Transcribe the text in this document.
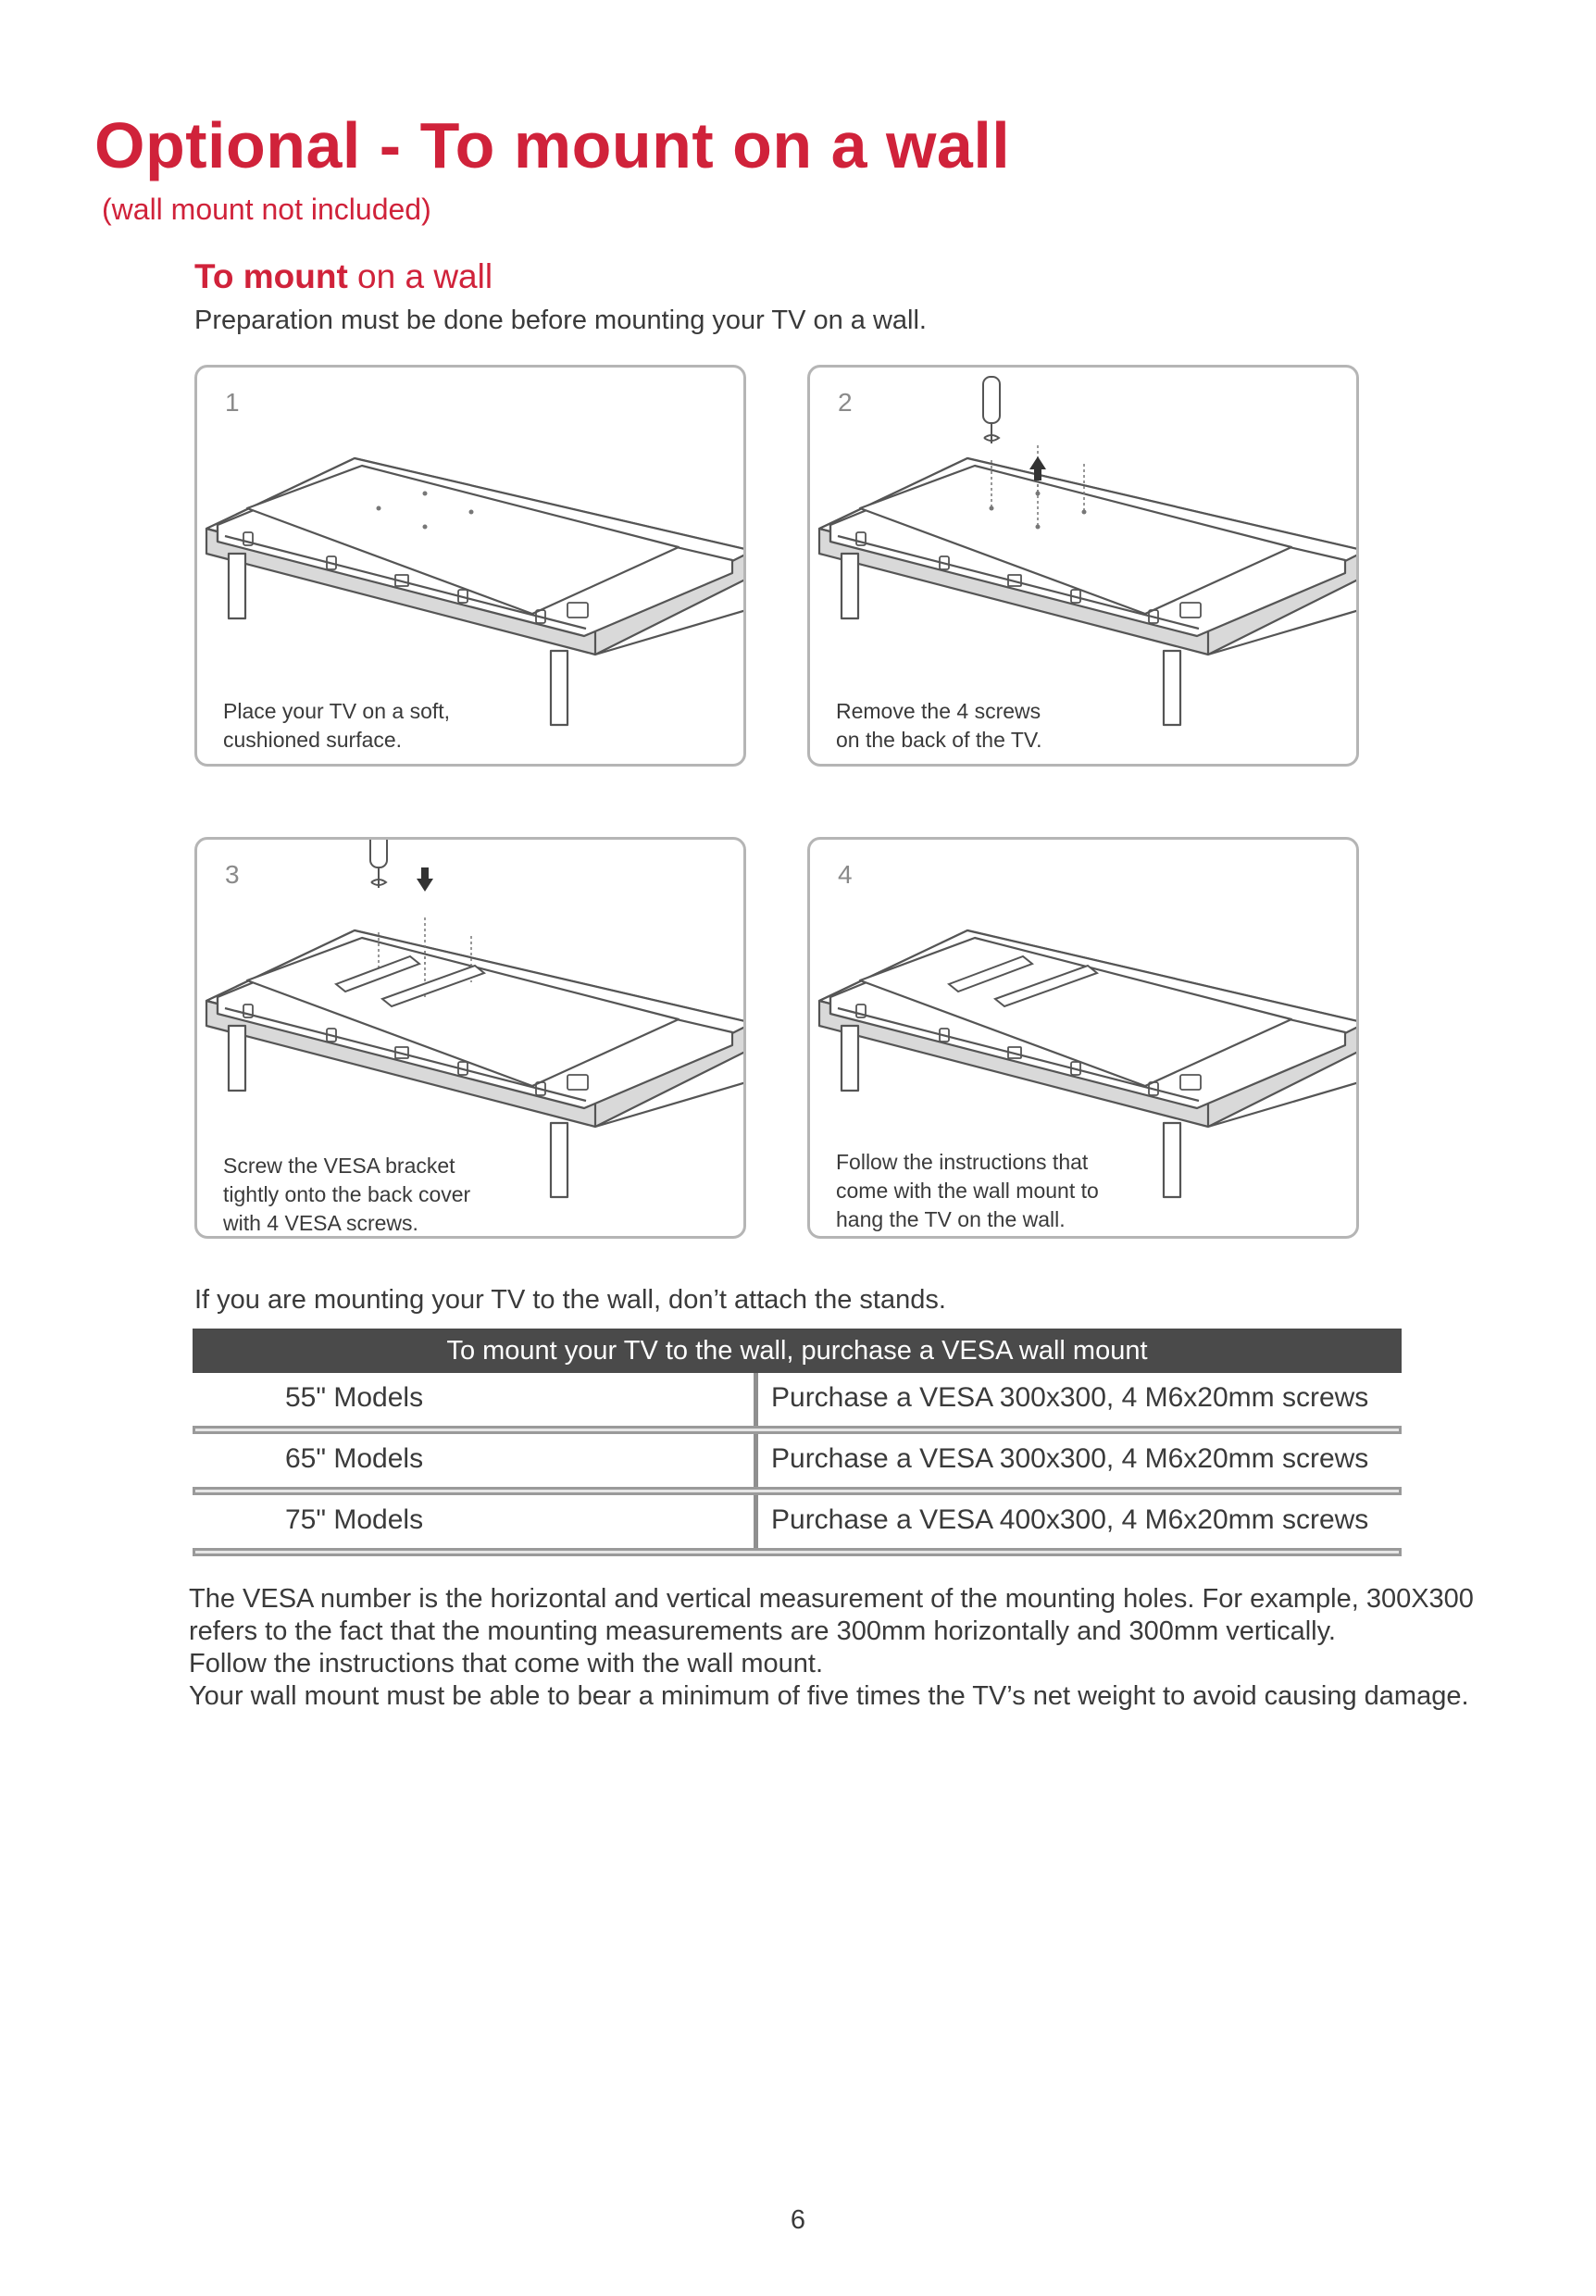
Optional - To mount on a wall
(wall mount not included)
To mount on a wall
Preparation must be done before mounting your TV on a wall.
1
Place your TV on a soft,
cushioned surface.
2
Remove the 4 screws
on the back of the TV.
3
Screw the VESA bracket
tightly onto the back cover
with 4 VESA screws.
4
Follow the instructions that
come with the wall mount to
hang the TV on the wall.
If you are mounting your TV to the wall, don’t attach the stands.
To mount your TV to the wall, purchase a VESA wall mount
55" Models	Purchase a VESA 300x300, 4 M6x20mm screws
65" Models	Purchase a VESA 300x300, 4 M6x20mm screws
75" Models	Purchase a VESA 400x300, 4 M6x20mm screws

The VESA number is the horizontal and vertical measurement of the mounting holes. For example, 300X300 refers to the fact that the mounting measurements are 300mm horizontally and 300mm vertically.

Follow the instructions that come with the wall mount.

Your wall mount must be able to bear a minimum of five times the TV’s net weight to avoid causing damage.

6
